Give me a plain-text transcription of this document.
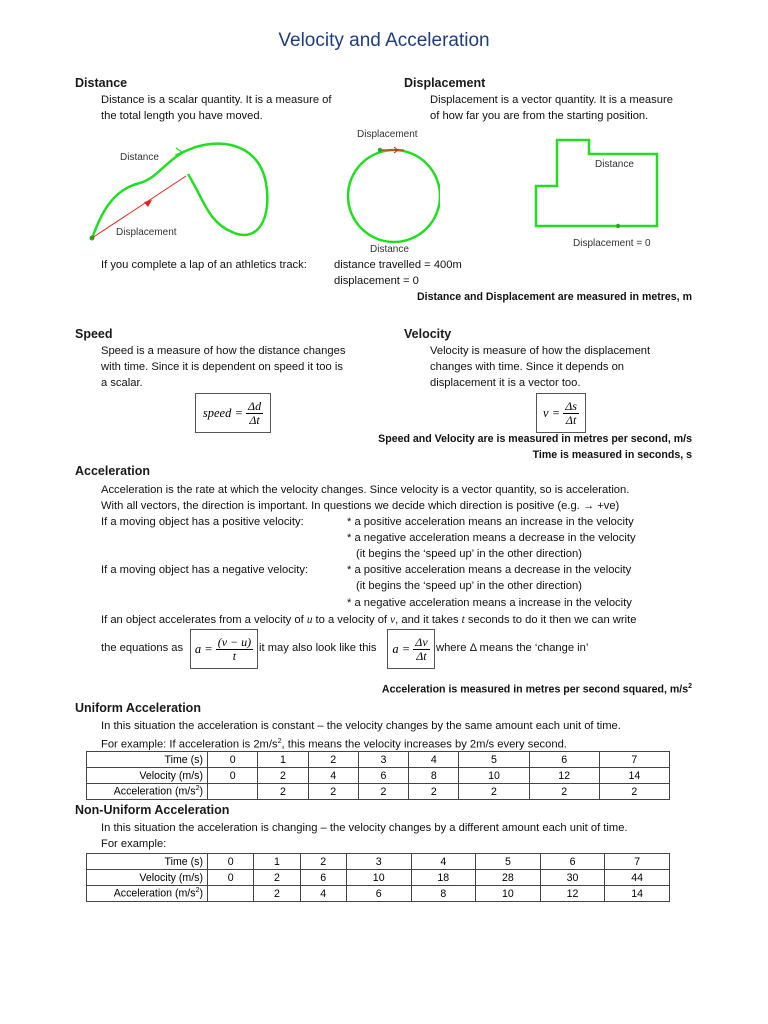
Velocity and Acceleration
Distance
Distance is a scalar quantity. It is a measure of
the total length you have moved.
Displacement
Displacement is a vector quantity. It is a measure
of how far you are from the starting position.
Distance
Displacement
Displacement
Distance
Distance
Displacement = 0
If you complete a lap of an athletics track: distance travelled = 400m
displacement = 0
Distance and Displacement are measured in metres, m
Speed
Speed is a measure of how the distance changes
with time. Since it is dependent on speed it too is
a scalar.
speed =
$\frac{\Delta d}{\Delta t}$
Velocity
Velocity is measure of how the displacement
changes with time. Since it depends on
displacement it is a vector too.
v =
$\frac{\Delta s}{\Delta t}$
Speed and Velocity are is measured in metres per second, m/s
Time is measured in seconds, s
Acceleration
Acceleration is the rate at which the velocity changes. Since velocity is a vector quantity, so is acceleration.
With all vectors, the direction is important. In questions we decide which direction is positive (e.g. → +ve)
If a moving object has a positive velocity:	* a positive acceleration means an increase in the velocity
* a negative acceleration means a decrease in the velocity
(it begins the ‘speed up’ in the other direction)
If a moving object has a negative velocity:	* a positive acceleration means a decrease in the velocity
(it begins the ‘speed up’ in the other direction)
* a negative acceleration means a increase in the velocity
If an object accelerates from a velocity of u to a velocity of v, and it takes t seconds to do it then we can write
the equations as a =
$\frac{(v - u)}{t}$ it may also look like this a =
$\frac{\Delta v}{\Delta t}$ where Δ means the ‘change in’
Acceleration is measured in metres per second squared, $m/s^2$
Uniform Acceleration
In this situation the acceleration is constant – the velocity changes by the same amount each unit of time.
For example: If acceleration is $2m/s^2$, this means the velocity increases by 2m/s every second.
Time (s)	0	1	2	3	4	5	6	7
Velocity (m/s)	0	2	4	6	8	10	12	14
Acceleration $(m/s^2)$		2	2	2	2	2	2	2
Non-Uniform Acceleration
In this situation the acceleration is changing – the velocity changes by a different amount each unit of time.
For example:
Time (s)	0	1	2	3	4	5	6	7
Velocity (m/s)	0	2	6	10	18	28	30	44
Acceleration $(m/s^2)$		2	4	6	8	10	12	14
